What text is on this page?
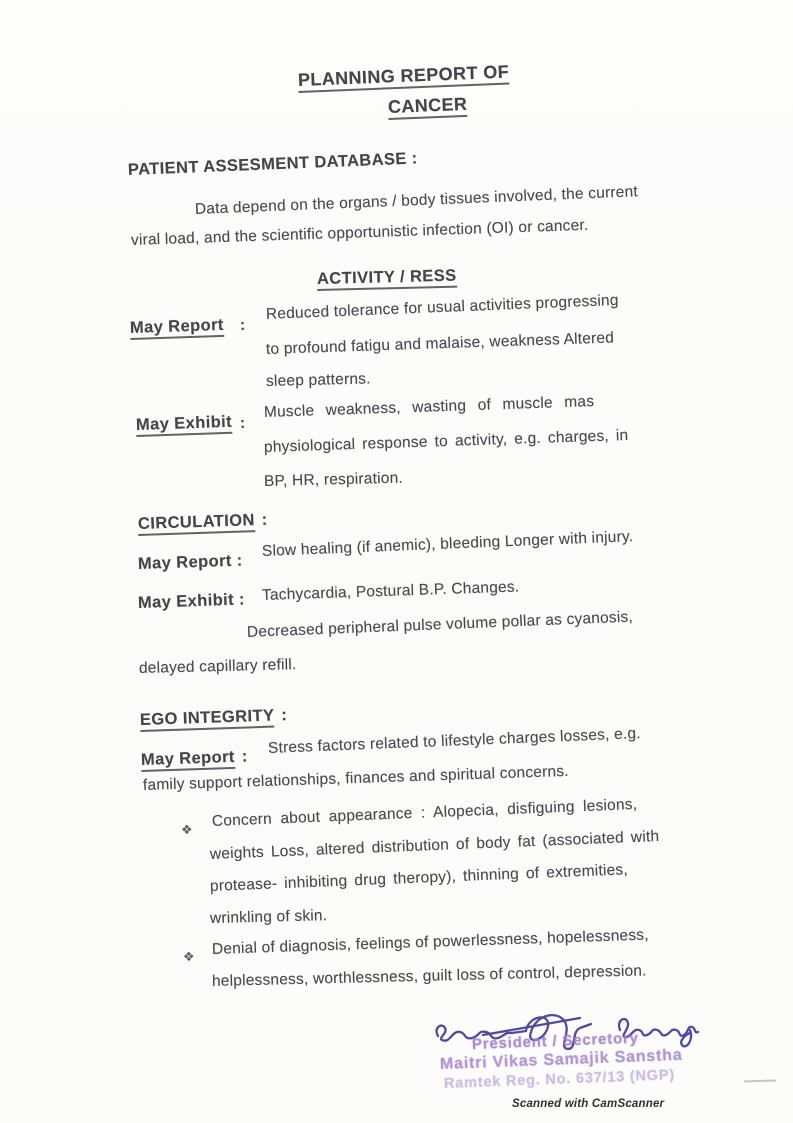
PLANNING REPORT OF
CANCER
PATIENT ASSESMENT DATABASE :
Data depend on the organs / body tissues involved, the current
viral load, and the scientific opportunistic infection (OI) or cancer.
ACTIVITY / RESS
May Report :
Reduced tolerance for usual activities progressing
to profound fatigu and malaise, weakness Altered
sleep patterns.
May Exhibit :
Muscle weakness, wasting of muscle mas
physiological response to activity, e.g. charges, in
BP, HR, respiration.
CIRCULATION :
May Report :
Slow healing (if anemic), bleeding Longer with injury.
May Exhibit : Tachycardia, Postural B.P. Changes.
Decreased peripheral pulse volume pollar as cyanosis,
delayed capillary refill.
EGO INTEGRITY :
May Report : Stress factors related to lifestyle charges losses, e.g.
family support relationships, finances and spiritual concerns.
❖ Concern about appearance : Alopecia, disfiguing lesions,
weights Loss, altered distribution of body fat (associated with
protease- inhibiting drug theropy), thinning of extremities,
wrinkling of skin.
❖ Denial of diagnosis, feelings of powerlessness, hopelessness,
helplessness, worthlessness, guilt loss of control, depression.
President / Secretory
Maitri Vikas Samajik Sanstha
Ramtek Reg. No. 637/13 (NGP)
Scanned with CamScanner
